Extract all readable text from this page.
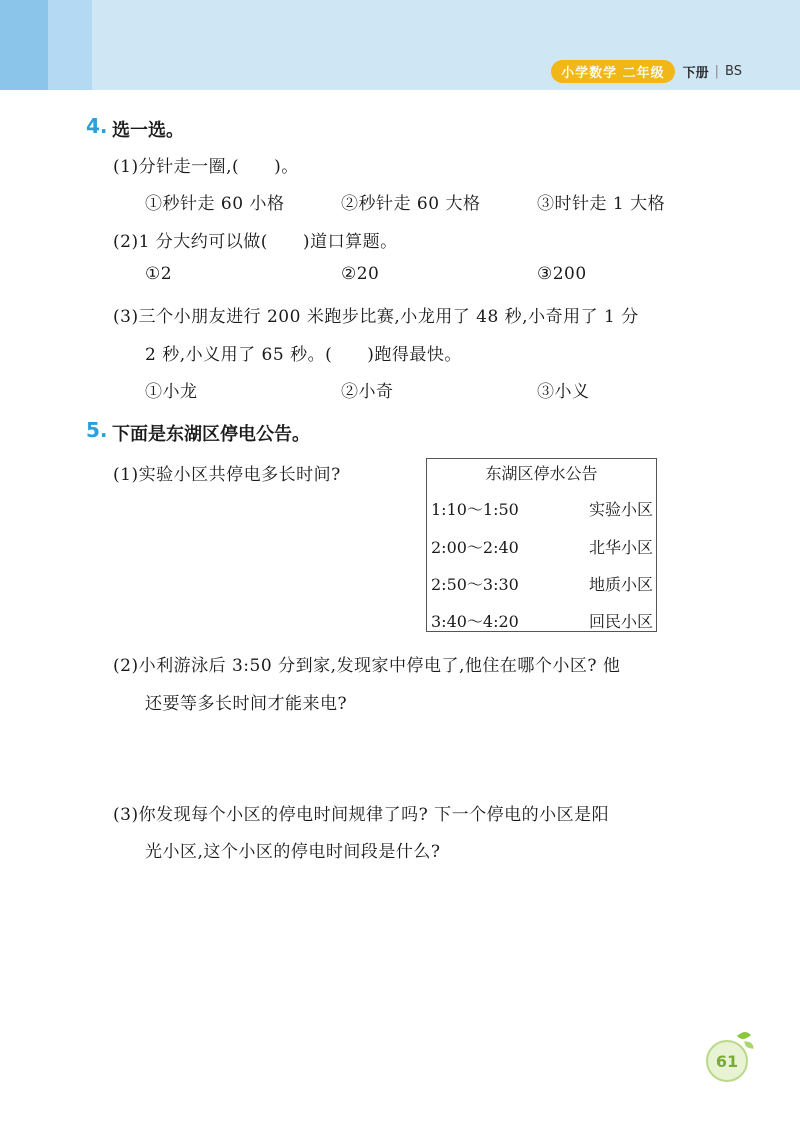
小学数学 二年级	下册 | BS
4. 选一选。
(1)分针走一圈,(　　)。
①秒针走 60 小格	②秒针走 60 大格	③时针走 1 大格
(2)1 分大约可以做(　　)道口算题。
①2	②20	③200
(3)三个小朋友进行 200 米跑步比赛,小龙用了 48 秒,小奇用了 1 分
2 秒,小义用了 65 秒。(　　)跑得最快。
①小龙	②小奇	③小义
5. 下面是东湖区停电公告。
(1)实验小区共停电多长时间?	东湖区停水公告
1:10～1:50	实验小区
2:00～2:40	北华小区
2:50～3:30	地质小区
3:40～4:20	回民小区
(2)小利游泳后 3:50 分到家,发现家中停电了,他住在哪个小区? 他
还要等多长时间才能来电?
(3)你发现每个小区的停电时间规律了吗? 下一个停电的小区是阳
光小区,这个小区的停电时间段是什么?
61
